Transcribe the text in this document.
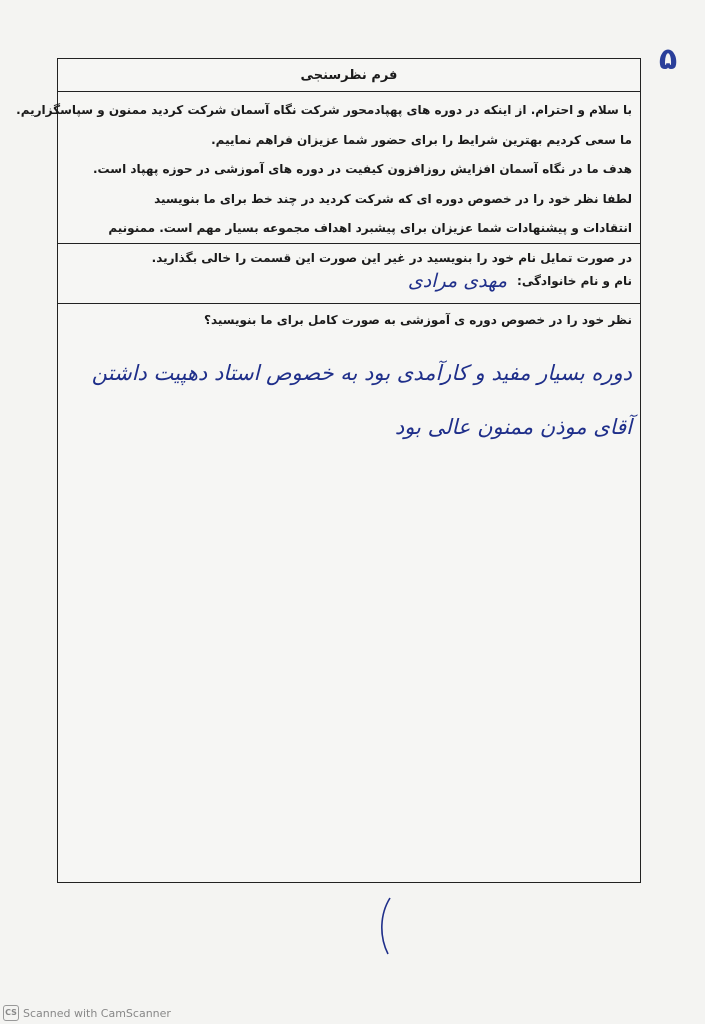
۵
فرم نظرسنجی

با سلام و احترام. از اینکه در دوره های پهپادمحور شرکت نگاه آسمان شرکت کردید ممنون و سپاسگزاریم.

ما سعی کردیم بهترین شرایط را برای حضور شما عزیزان فراهم نماییم.

هدف ما در نگاه آسمان افزایش روزافزون کیفیت در دوره های آموزشی در حوزه پهپاد است.

لطفا نظر خود را در خصوص دوره ای که شرکت کردید در چند خط برای ما بنویسید

انتقادات و پیشنهادات شما عزیزان برای پیشبرد اهداف مجموعه بسیار مهم است. ممنونیم

در صورت تمایل نام خود را بنویسید در غیر این صورت این قسمت را خالی بگذارید.

نام و نام خانوادگی:
مهدی مرادی

نظر خود را در خصوص دوره ی آموزشی به صورت کامل برای ما بنویسید؟

دوره بسیار مفید و کارآمدی بود به خصوص استاد دهپیت داشتن
آقای موذن ممنون عالی بود
CS Scanned with CamScanner
